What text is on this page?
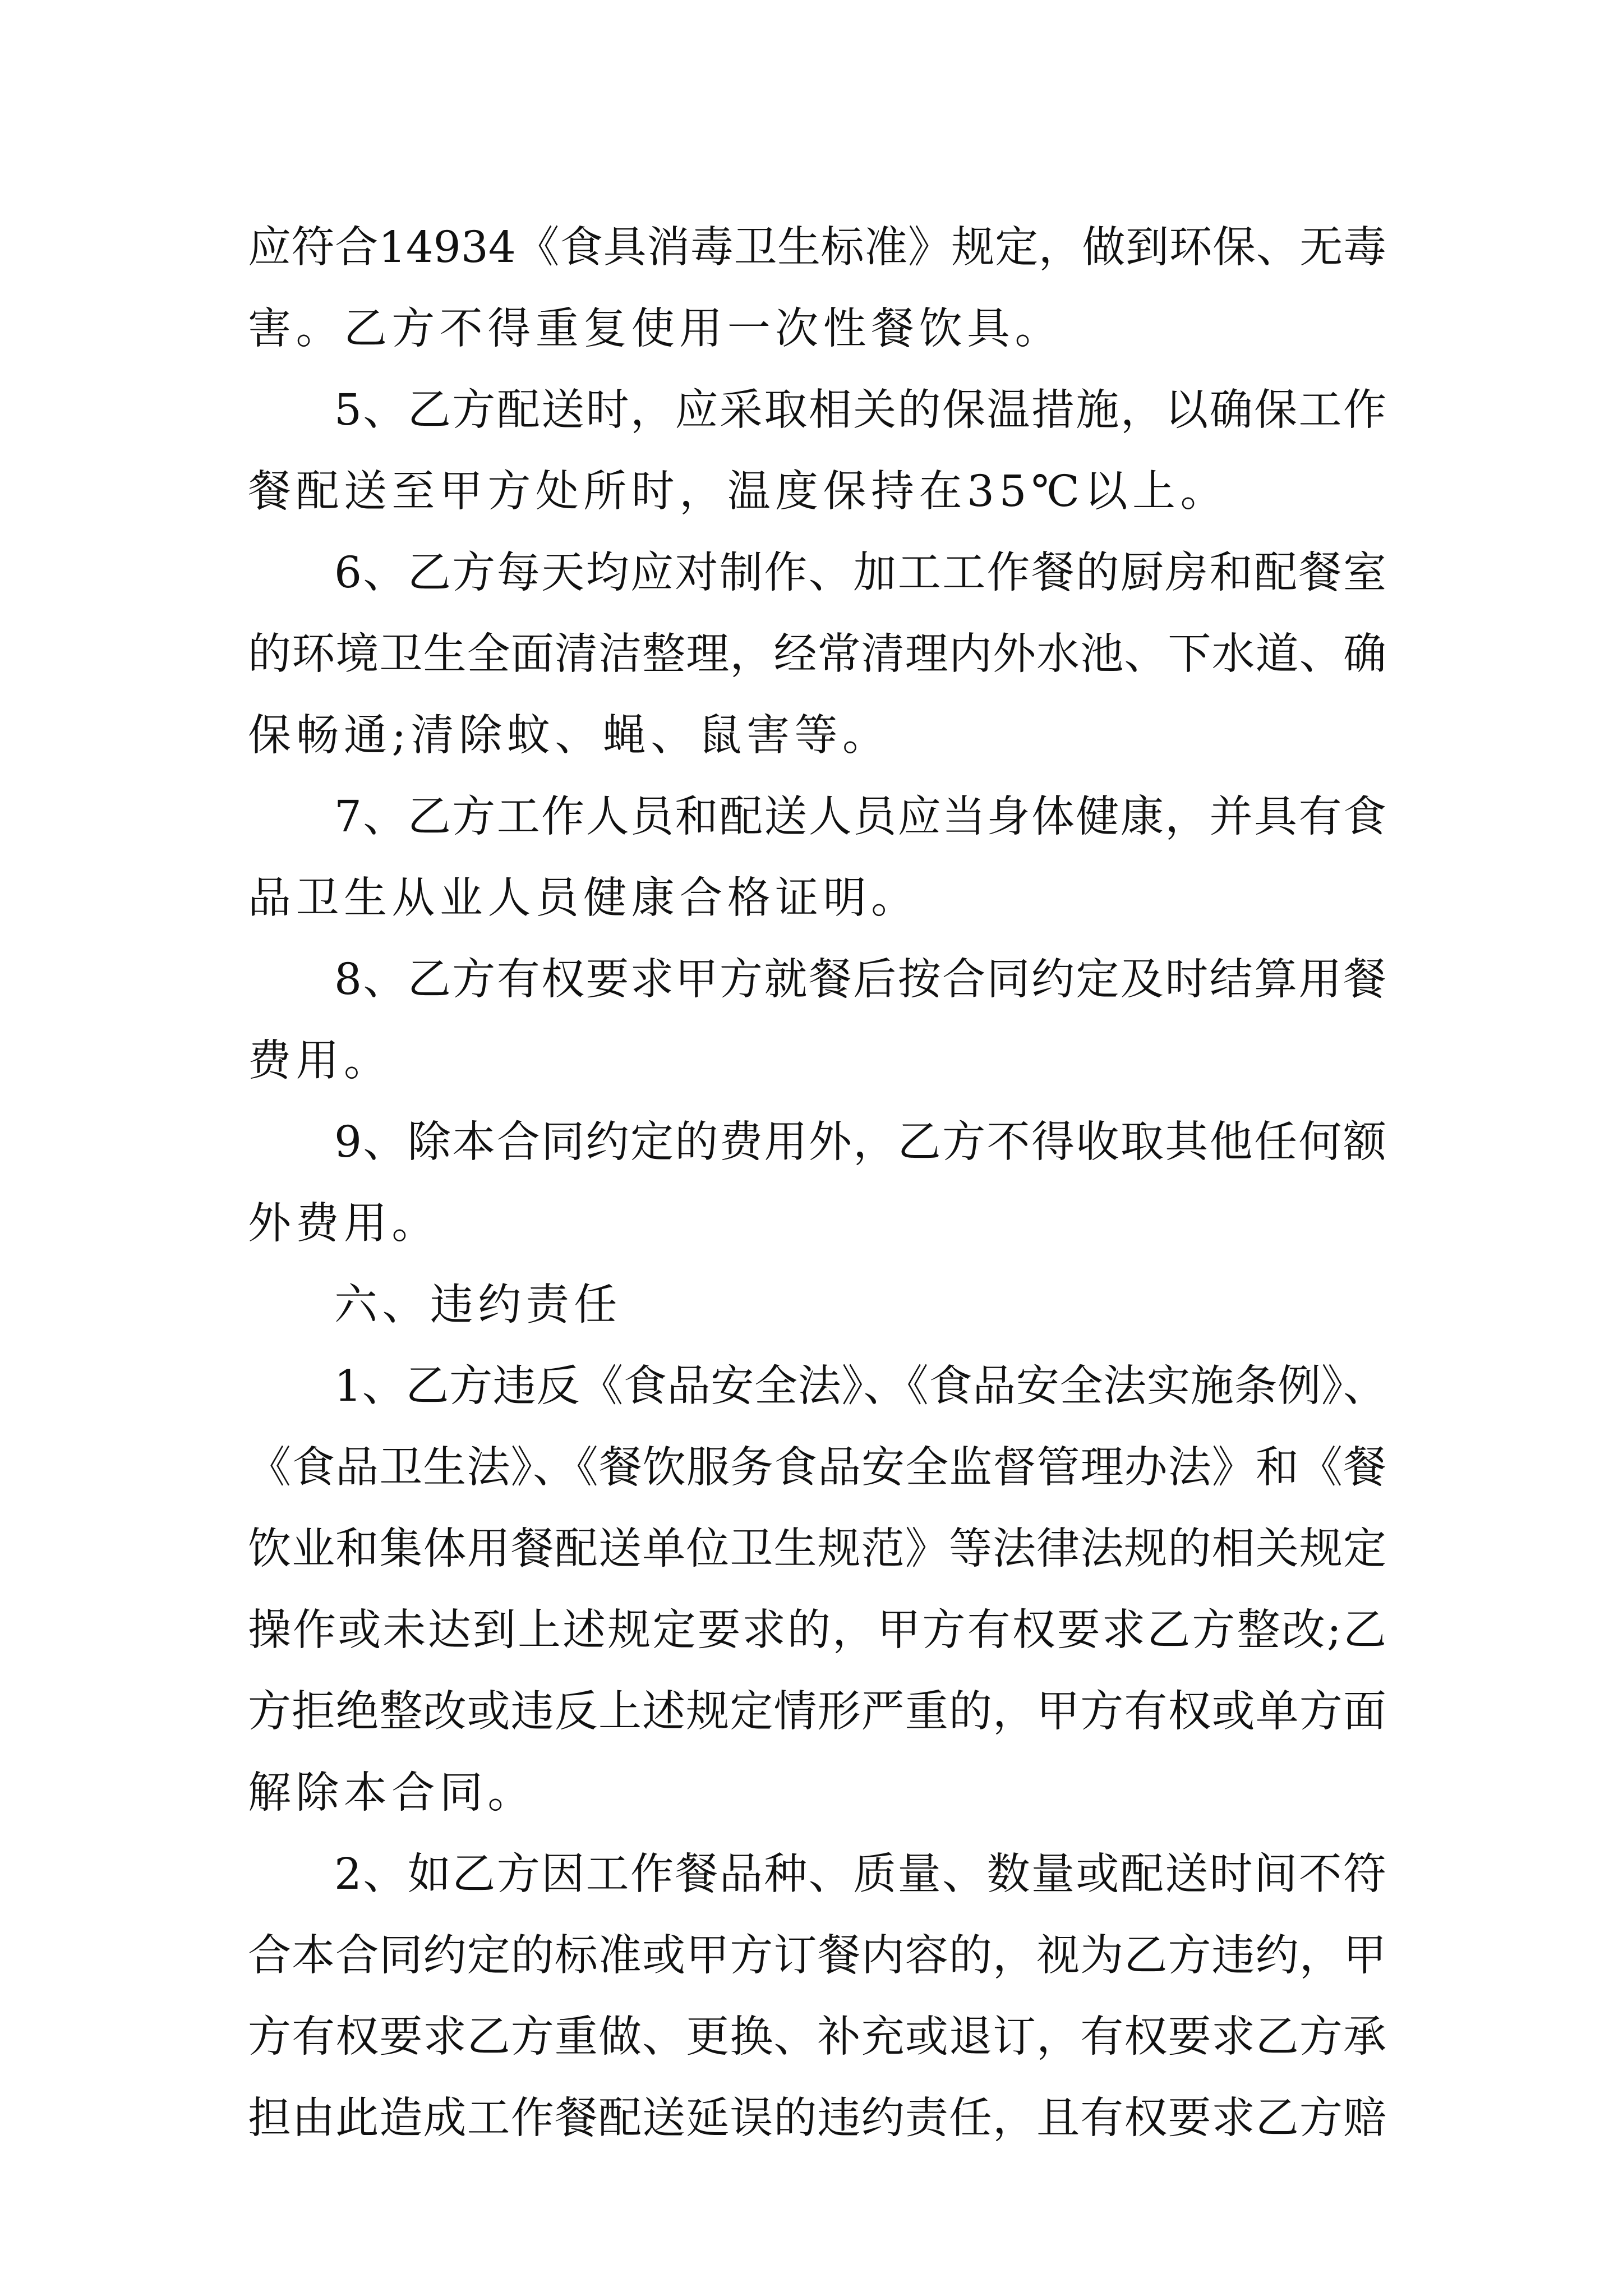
应符合14934《食具消毒卫生标准》规定，做到环保、无毒
害。乙方不得重复使用一次性餐饮具。
5、乙方配送时，应采取相关的保温措施，以确保工作
餐配送至甲方处所时，温度保持在35℃以上。
6、乙方每天均应对制作、加工工作餐的厨房和配餐室
的环境卫生全面清洁整理，经常清理内外水池、下水道、确
保畅通;清除蚊、蝇、鼠害等。
7、乙方工作人员和配送人员应当身体健康，并具有食
品卫生从业人员健康合格证明。
8、乙方有权要求甲方就餐后按合同约定及时结算用餐
费用。
9、除本合同约定的费用外，乙方不得收取其他任何额
外费用。
六、违约责任
1、乙方违反《食品安全法》、《食品安全法实施条例》、
《食品卫生法》、《餐饮服务食品安全监督管理办法》和《餐
饮业和集体用餐配送单位卫生规范》等法律法规的相关规定
操作或未达到上述规定要求的，甲方有权要求乙方整改;乙
方拒绝整改或违反上述规定情形严重的，甲方有权或单方面
解除本合同。
2、如乙方因工作餐品种、质量、数量或配送时间不符
合本合同约定的标准或甲方订餐内容的，视为乙方违约，甲
方有权要求乙方重做、更换、补充或退订，有权要求乙方承
担由此造成工作餐配送延误的违约责任，且有权要求乙方赔
